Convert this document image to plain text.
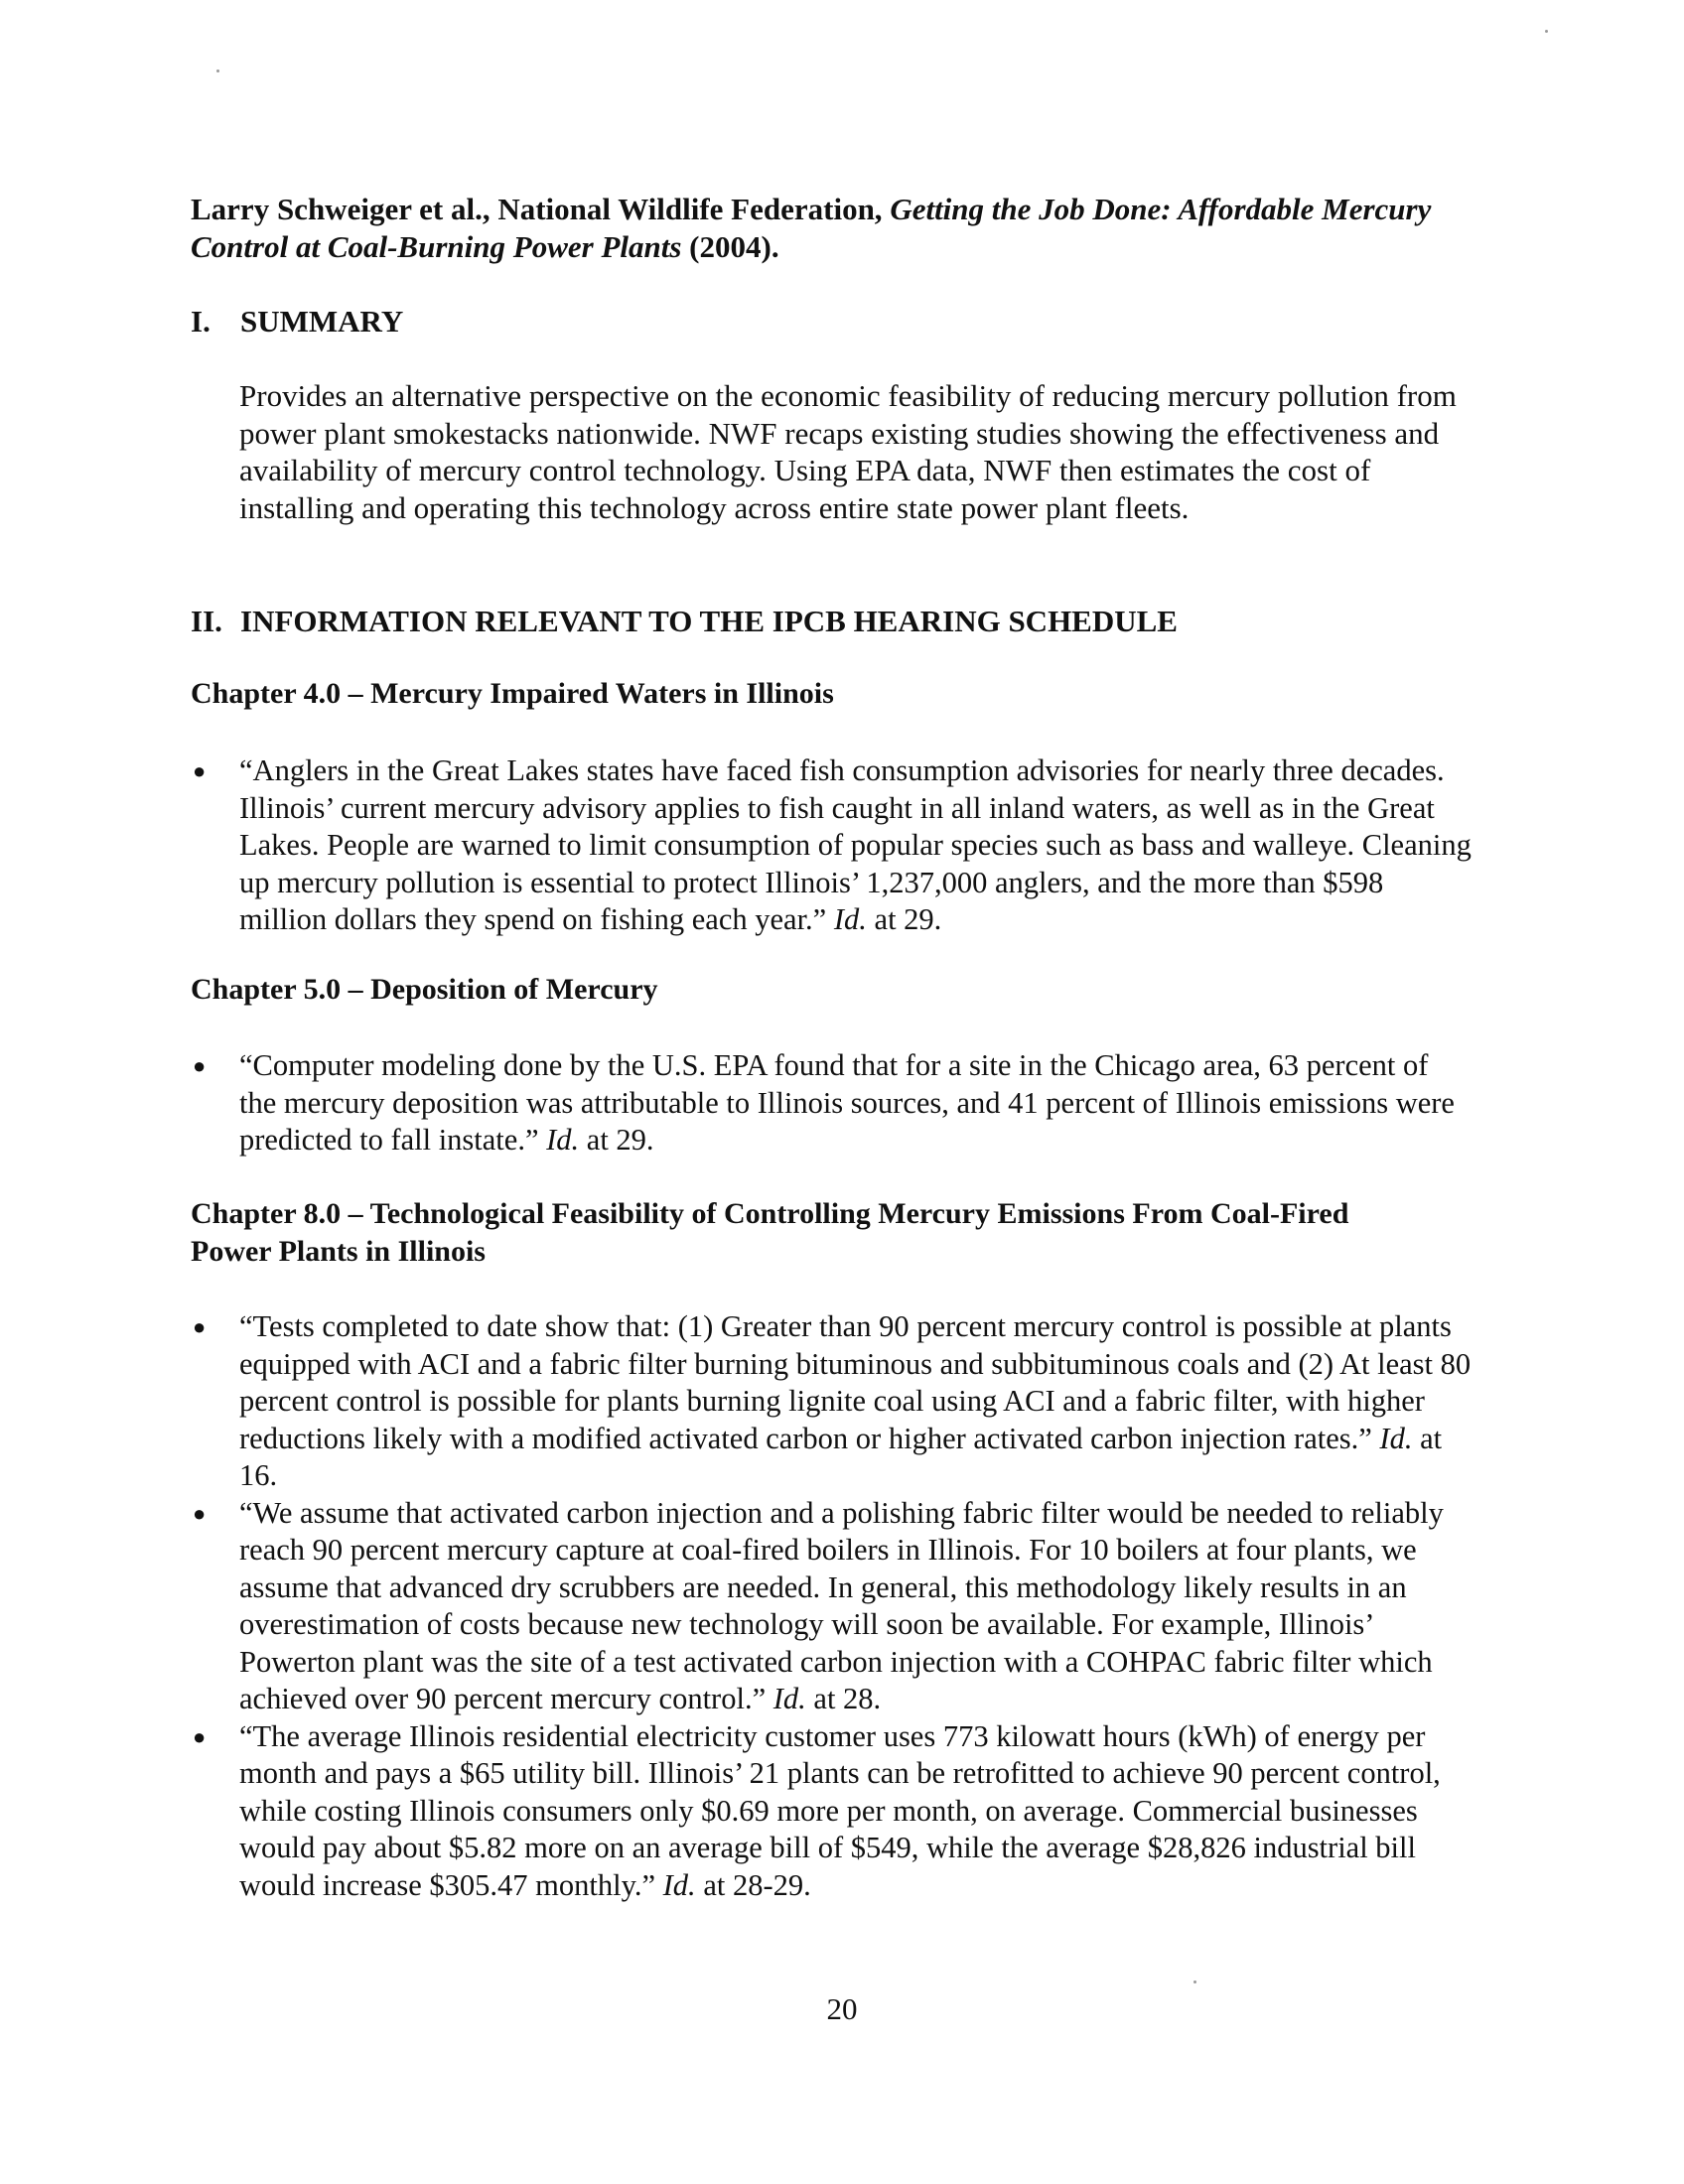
Larry Schweiger et al., National Wildlife Federation, Getting the Job Done: Affordable Mercury Control at Coal-Burning Power Plants (2004).
I. SUMMARY
Provides an alternative perspective on the economic feasibility of reducing mercury pollution from power plant smokestacks nationwide. NWF recaps existing studies showing the effectiveness and availability of mercury control technology. Using EPA data, NWF then estimates the cost of installing and operating this technology across entire state power plant fleets.
II. INFORMATION RELEVANT TO THE IPCB HEARING SCHEDULE
Chapter 4.0 – Mercury Impaired Waters in Illinois
● “Anglers in the Great Lakes states have faced fish consumption advisories for nearly three decades. Illinois’ current mercury advisory applies to fish caught in all inland waters, as well as in the Great Lakes. People are warned to limit consumption of popular species such as bass and walleye. Cleaning up mercury pollution is essential to protect Illinois’ 1,237,000 anglers, and the more than $598 million dollars they spend on fishing each year.” Id. at 29.
Chapter 5.0 – Deposition of Mercury
● “Computer modeling done by the U.S. EPA found that for a site in the Chicago area, 63 percent of the mercury deposition was attributable to Illinois sources, and 41 percent of Illinois emissions were predicted to fall instate.” Id. at 29.
Chapter 8.0 – Technological Feasibility of Controlling Mercury Emissions From Coal-Fired Power Plants in Illinois
● “Tests completed to date show that: (1) Greater than 90 percent mercury control is possible at plants equipped with ACI and a fabric filter burning bituminous and subbituminous coals and (2) At least 80 percent control is possible for plants burning lignite coal using ACI and a fabric filter, with higher reductions likely with a modified activated carbon or higher activated carbon injection rates.” Id. at 16.
● “We assume that activated carbon injection and a polishing fabric filter would be needed to reliably reach 90 percent mercury capture at coal-fired boilers in Illinois. For 10 boilers at four plants, we assume that advanced dry scrubbers are needed. In general, this methodology likely results in an overestimation of costs because new technology will soon be available. For example, Illinois’ Powerton plant was the site of a test activated carbon injection with a COHPAC fabric filter which achieved over 90 percent mercury control.” Id. at 28.
● “The average Illinois residential electricity customer uses 773 kilowatt hours (kWh) of energy per month and pays a $65 utility bill. Illinois’ 21 plants can be retrofitted to achieve 90 percent control, while costing Illinois consumers only $0.69 more per month, on average. Commercial businesses would pay about $5.82 more on an average bill of $549, while the average $28,826 industrial bill would increase $305.47 monthly.” Id. at 28-29.
20
